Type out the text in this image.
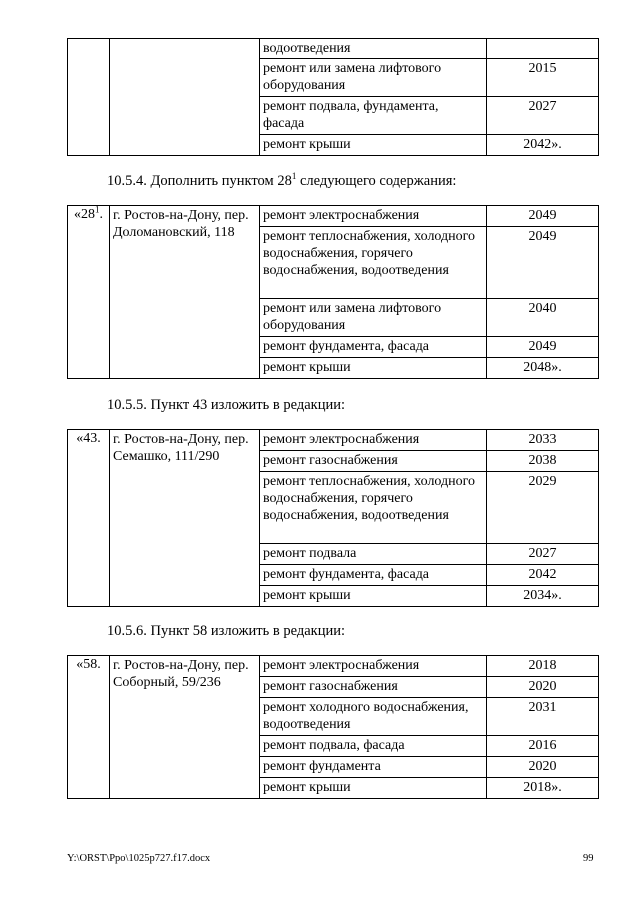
		водоотведения	
		ремонт или замена лифтового оборудования	2015
		ремонт подвала, фундамента, фасада	2027
		ремонт крыши	2042».
10.5.4. Дополнить пунктом $28^1$ следующего содержания:
«$28^1$.	г. Ростов-на-Дону, пер. Доломановский, 118	ремонт электроснабжения	2049
		ремонт теплоснабжения, холодного водоснабжения, горячего водоснабжения, водоотведения	2049
		ремонт или замена лифтового оборудования	2040
		ремонт фундамента, фасада	2049
		ремонт крыши	2048».
10.5.5. Пункт 43 изложить в редакции:
«43.	г. Ростов-на-Дону, пер. Семашко, 111/290	ремонт электроснабжения	2033
		ремонт газоснабжения	2038
		ремонт теплоснабжения, холодного водоснабжения, горячего водоснабжения, водоотведения	2029
		ремонт подвала	2027
		ремонт фундамента, фасада	2042
		ремонт крыши	2034».
10.5.6. Пункт 58 изложить в редакции:
«58.	г. Ростов-на-Дону, пер. Соборный, 59/236	ремонт электроснабжения	2018
		ремонт газоснабжения	2020
		ремонт холодного водоснабжения, водоотведения	2031
		ремонт подвала, фасада	2016
		ремонт фундамента	2020
		ремонт крыши	2018».
Y:\ORST\Ppo\1025p727.f17.docx	99
